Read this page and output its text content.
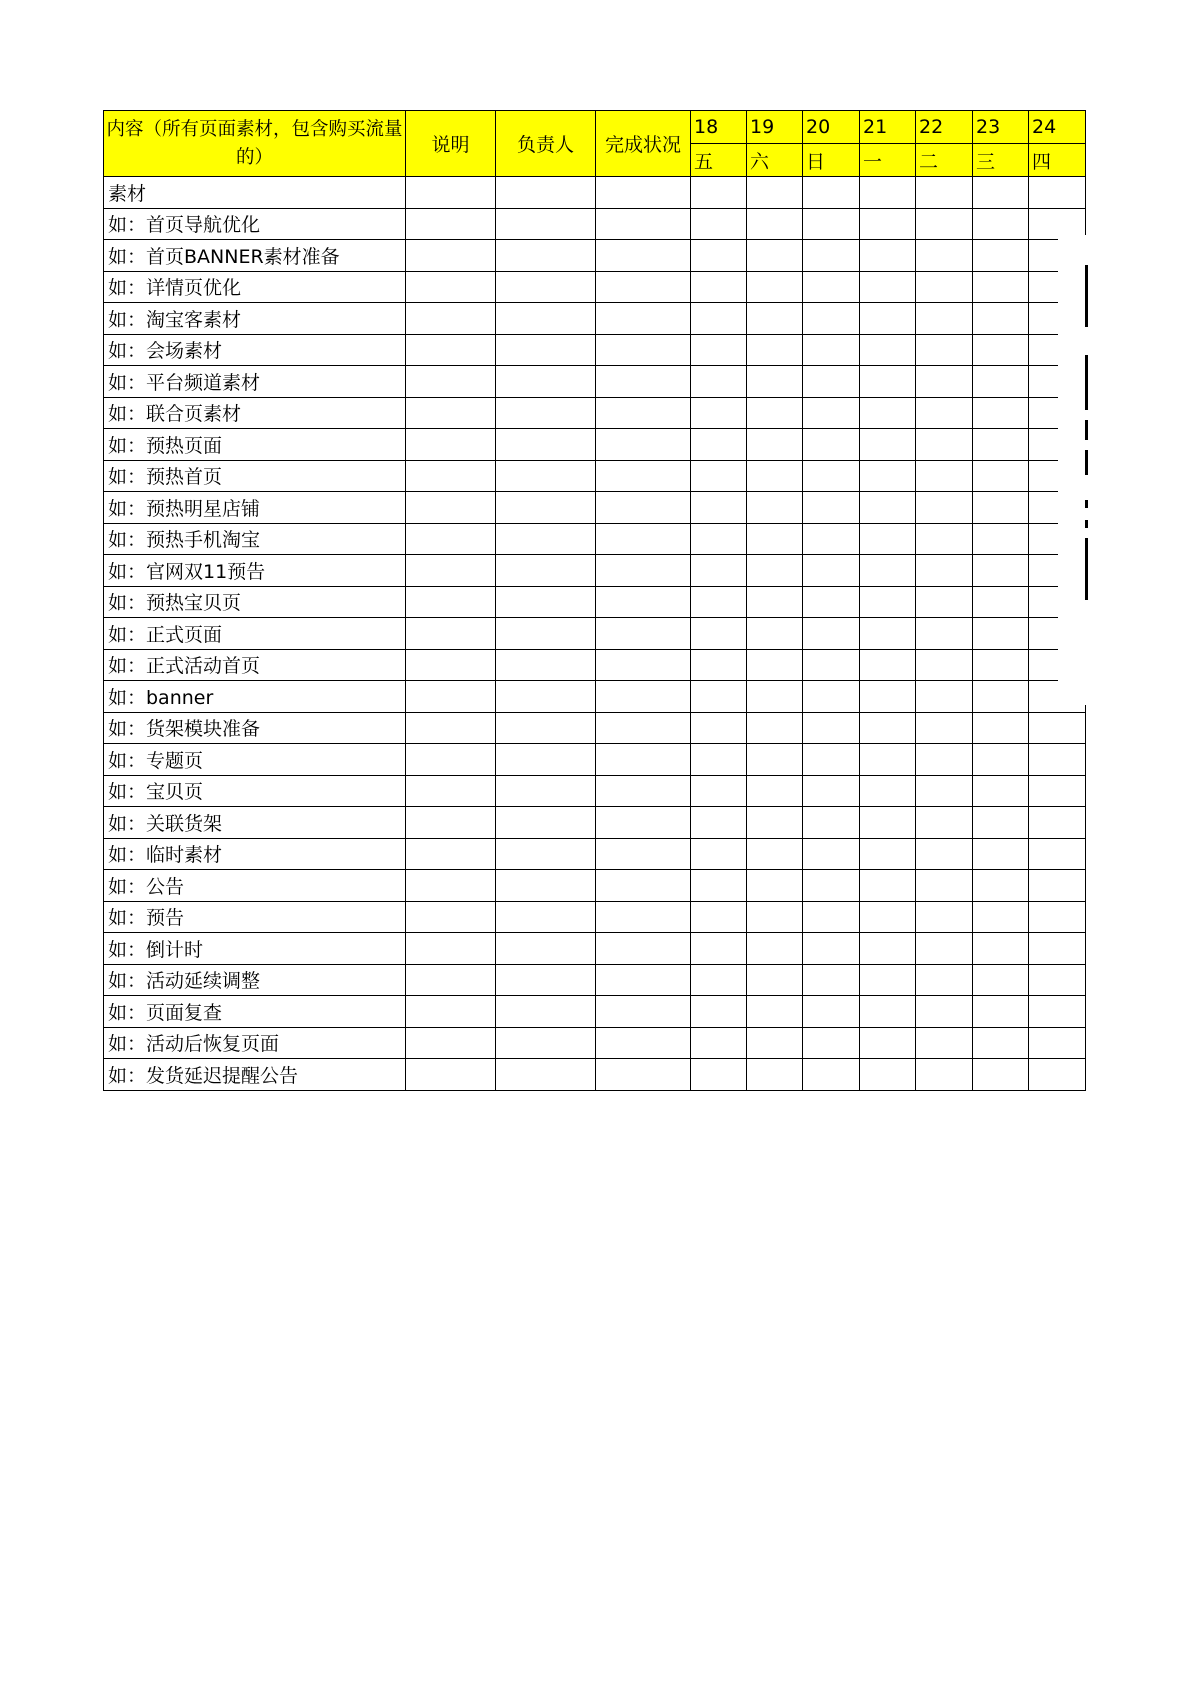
内容（所有页面素材，包含购买流量的）	说明	负责人	完成状况	18	19	20	21	22	23	24
				五	六	日	一	二	三	四
素材										
如：首页导航优化										
如：首页BANNER素材准备										
如：详情页优化										
如：淘宝客素材										
如：会场素材										
如：平台频道素材										
如：联合页素材										
如：预热页面										
如：预热首页										
如：预热明星店铺										
如：预热手机淘宝										
如：官网双11预告										
如：预热宝贝页										
如：正式页面										
如：正式活动首页										
如：banner										
如：货架模块准备										
如：专题页										
如：宝贝页										
如：关联货架										
如：临时素材										
如：公告										
如：预告										
如：倒计时										
如：活动延续调整										
如：页面复查										
如：活动后恢复页面										
如：发货延迟提醒公告										
